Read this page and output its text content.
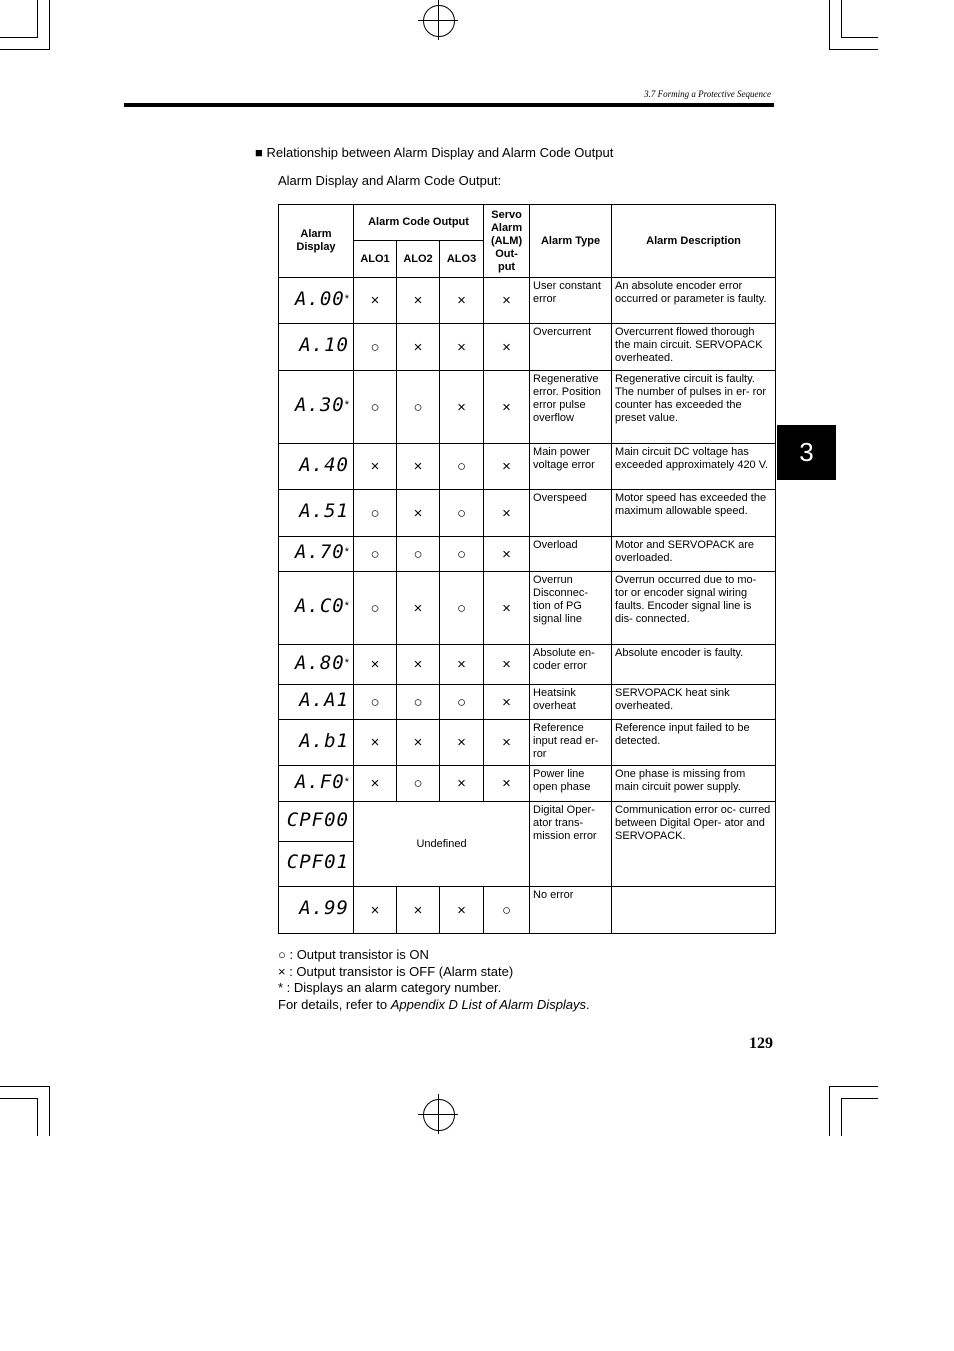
3.7 Forming a Protective Sequence
3
■ Relationship between Alarm Display and Alarm Code Output
Alarm Display and Alarm Code Output:
Alarm Display	Alarm Code Output			Servo Alarm (ALM) Out- put	Alarm Type	Alarm Description
	ALO1	ALO2	ALO3			
A.00*	×	×	×	×	User constant error	An absolute encoder error occurred or parameter is faulty.
A.10	○	×	×	×	Overcurrent	Overcurrent flowed thorough the main circuit. SERVOPACK overheated.
A.30*	○	○	×	×	Regenerative error. Position error pulse overflow	Regenerative circuit is faulty. The number of pulses in er- ror counter has exceeded the preset value.
A.40	×	×	○	×	Main power voltage error	Main circuit DC voltage has exceeded approximately 420 V.
A.51	○	×	○	×	Overspeed	Motor speed has exceeded the maximum allowable speed.
A.70*	○	○	○	×	Overload	Motor and SERVOPACK are overloaded.
A.C0*	○	×	○	×	Overrun Disconnec- tion of PG signal line	Overrun occurred due to mo- tor or encoder signal wiring faults. Encoder signal line is dis- connected.
A.80*	×	×	×	×	Absolute en- coder error	Absolute encoder is faulty.
A.A1	○	○	○	×	Heatsink overheat	SERVOPACK heat sink overheated.
A.b1	×	×	×	×	Reference input read er- ror	Reference input failed to be detected.
A.F0*	×	○	×	×	Power line open phase	One phase is missing from main circuit power supply.
CPF00	Undefined				Digital Oper- ator trans- mission error	Communication error oc- curred between Digital Oper- ator and SERVOPACK.
CPF01						
A.99	×	×	×	○	No error	
○ : Output transistor is ON
× : Output transistor is OFF (Alarm state)
* : Displays an alarm category number.
For details, refer to Appendix D List of Alarm Displays.
129
